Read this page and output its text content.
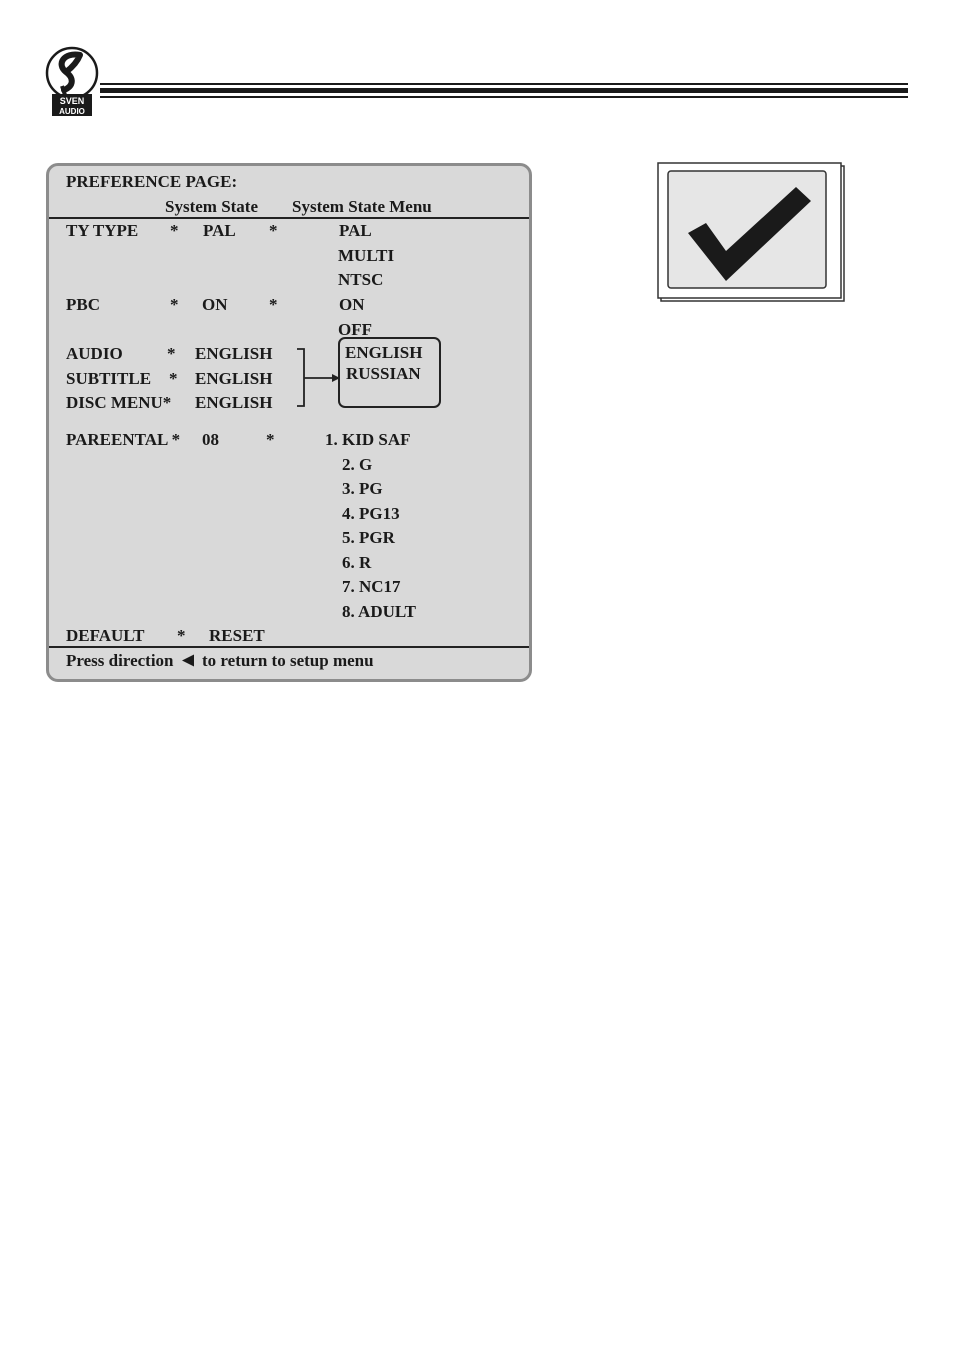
SVEN
AUDIO
PREFERENCE PAGE:
System State System State Menu
TY TYPE * PAL *	PAL
MULTI
NTSC
PBC	* ON *	ON
OFF
AUDIO	* ENGLISH
SUBTITLE * ENGLISH
DISC MENU* ENGLISH
ENGLISH
RUSSIAN
PAREENTAL * 08	*	1. KID SAF
2. G
3. PG
4. PG13
5. PGR
6. R
7. NC17
8. ADULT
DEFAULT * RESET
Press direction to return to setup menu
